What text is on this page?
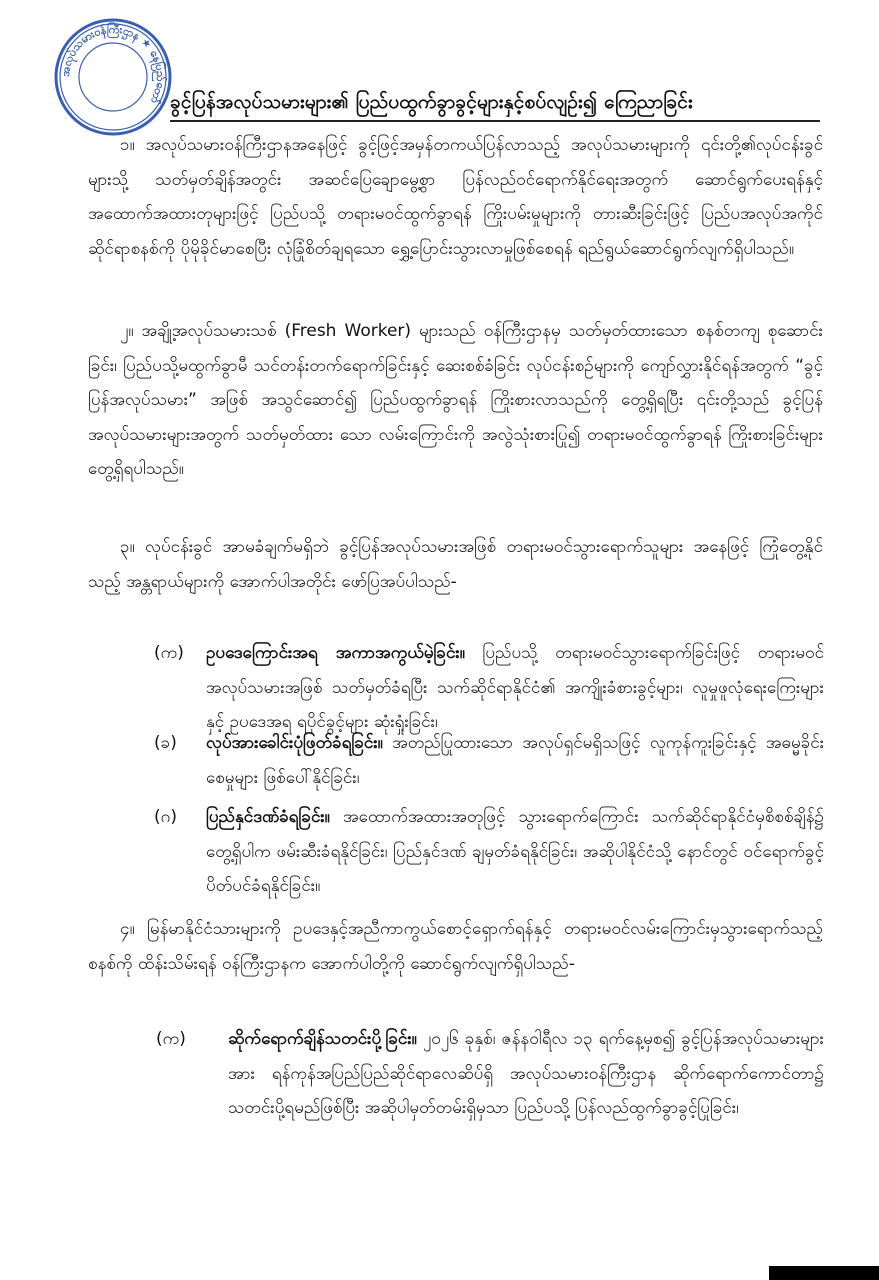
အလုပ်သမားဝန်ကြီးဌာန ★ နေပြည်တော် ခွင့်ပြန်အလုပ်သမားများ၏ ပြည်ပထွက်ခွာခွင့်များနှင့်စပ်လျဉ်း၍ ကြေညာခြင်း
၁။ အလုပ်သမားဝန်ကြီးဌာနအနေဖြင့် ခွင့်ဖြင့်အမှန်တကယ်ပြန်လာသည့် အလုပ်သမားများကို ၎င်းတို့၏လုပ်ငန်းခွင်များသို့ သတ်မှတ်ချိန်အတွင်း အဆင်ပြေချောမွေ့စွာ ပြန်လည်ဝင်ရောက်နိုင်ရေးအတွက် ဆောင်ရွက်ပေးရန်နှင့် အထောက်အထားတုများဖြင့် ပြည်ပသို့ တရားမဝင်ထွက်ခွာရန် ကြိုးပမ်းမှုများကို တားဆီးခြင်းဖြင့် ပြည်ပအလုပ်အကိုင်ဆိုင်ရာစနစ်ကို ပိုမိုခိုင်မာစေပြီး လုံခြုံစိတ်ချရသော ရွှေ့ပြောင်းသွားလာမှုဖြစ်စေရန် ရည်ရွယ်ဆောင်ရွက်လျက်ရှိပါသည်။
၂။ အချို့အလုပ်သမားသစ် (Fresh Worker) များသည် ဝန်ကြီးဌာနမှ သတ်မှတ်ထားသော စနစ်တကျ စုဆောင်းခြင်း၊ ပြည်ပသို့မထွက်ခွာမီ သင်တန်းတက်ရောက်ခြင်းနှင့် ဆေးစစ်ခံခြင်း လုပ်ငန်းစဉ်များကို ကျော်လွှားနိုင်ရန်အတွက် “ခွင့်ပြန်အလုပ်သမား” အဖြစ် အသွင်ဆောင်၍ ပြည်ပထွက်ခွာရန် ကြိုးစားလာသည်ကို တွေ့ရှိရပြီး ၎င်းတို့သည် ခွင့်ပြန်အလုပ်သမားများအတွက် သတ်မှတ်ထား သော လမ်းကြောင်းကို အလွဲသုံးစားပြု၍ တရားမဝင်ထွက်ခွာရန် ကြိုးစားခြင်းများ တွေ့ရှိရပါသည်။
၃။ လုပ်ငန်းခွင် အာမခံချက်မရှိဘဲ ခွင့်ပြန်အလုပ်သမားအဖြစ် တရားမဝင်သွားရောက်သူများ အနေဖြင့် ကြုံတွေ့နိုင်သည့် အန္တရာယ်များကို အောက်ပါအတိုင်း ဖော်ပြအပ်ပါသည်-
(က) ဥပဒေကြောင်းအရ အကာအကွယ်မဲ့ခြင်း။ ပြည်ပသို့ တရားမဝင်သွားရောက်ခြင်းဖြင့် တရားမဝင်အလုပ်သမားအဖြစ် သတ်မှတ်ခံရပြီး သက်ဆိုင်ရာနိုင်ငံ၏ အကျိုးခံစားခွင့်များ၊ လူမှုဖူလုံရေးကြေးများနှင့် ဥပဒေအရ ရပိုင်ခွင့်များ ဆုံးရှုံးခြင်း၊
(ခ) လုပ်အားခေါင်းပုံဖြတ်ခံရခြင်း။ အတည်ပြုထားသော အလုပ်ရှင်မရှိသဖြင့် လူကုန်ကူးခြင်းနှင့် အဓမ္မခိုင်းစေမှုများ ဖြစ်ပေါ်နိုင်ခြင်း၊
(ဂ) ပြည်နှင်ဒဏ်ခံရခြင်း။ အထောက်အထားအတုဖြင့် သွားရောက်ကြောင်း သက်ဆိုင်ရာနိုင်ငံမှစိစစ်ချိန်၌ တွေ့ရှိပါက ဖမ်းဆီးခံရနိုင်ခြင်း၊ ပြည်နှင်ဒဏ် ချမှတ်ခံရနိုင်ခြင်း၊ အဆိုပါနိုင်ငံသို့ နောင်တွင် ဝင်ရောက်ခွင့် ပိတ်ပင်ခံရနိုင်ခြင်း။
၄။ မြန်မာနိုင်ငံသားများကို ဥပဒေနှင့်အညီကာကွယ်စောင့်ရှောက်ရန်နှင့် တရားမဝင်လမ်းကြောင်းမှသွားရောက်သည့်စနစ်ကို ထိန်းသိမ်းရန် ဝန်ကြီးဌာနက အောက်ပါတို့ကို ဆောင်ရွက်လျက်ရှိပါသည်-
(က) ဆိုက်ရောက်ချိန်သတင်းပို့ခြင်း။ ၂၀၂၆ ခုနှစ်၊ ဇန်နဝါရီလ ၁၃ ရက်နေ့မှစ၍ ခွင့်ပြန်အလုပ်သမားများအား ရန်ကုန်အပြည်ပြည်ဆိုင်ရာလေဆိပ်ရှိ အလုပ်သမားဝန်ကြီးဌာန ဆိုက်ရောက်ကောင်တာ၌ သတင်းပို့ရမည်ဖြစ်ပြီး အဆိုပါမှတ်တမ်းရှိမှသာ ပြည်ပသို့ ပြန်လည်ထွက်ခွာခွင့်ပြုခြင်း၊
